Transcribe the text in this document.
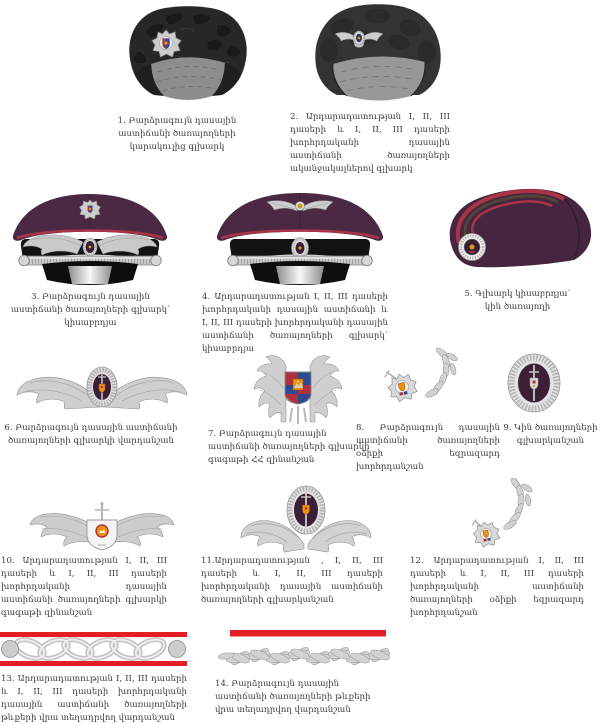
1. Բարձրագույն դասային աստիճանի ծառայողների կարակուլից գլխարկ
2. Արդարադատության I, II, III դասերի և I, II, III դասերի խորհրդականի դասային աստիճանի ծառայողների ականջակալներով գլխարկ
3. Բարձրագույն դասային աստիճանի ծառայողների գլխարկ՝ կիսաբրդյա
4. Արդարադատության I, II, III դասերի խորհրդականի դասային աստիճանի և I, II, III դասերի խորհրդականի դասային աստիճանի ծառայողների գլխարկ՝ կիսաբրդյա
5. Գլխարկ կիսաբրդյա՝ կին ծառայողի
6. Բարձրագույն դասային աստիճանի ծառայողների գլխարկի վարդանշան
7. Բարձրագույն դասային աստիճանի ծառայողների գլխարկի գագաթի ՀՀ զինանշան
8. Բարձրագույն դասային աստիճանի ծառայողների օձիքի եզրազարդ խորհրդանշան
9. Կին ծառայողների գլխարկանշան
10. Արդարադատության I, II, III դասերի և I, II, III դասերի խորհրդականի դասային աստիճանի ծառայողների գլխարկի գագաթի զինանշան
11.Արդարադատության , I, II, III դասերի և I, II, III դասերի խորհրդականի դասային աստիճանի ծառայողների գլխարկանշան
12. Արդարադատության I, II, III դասերի և I, II, III դասերի խորհրդականի աստիճանի ծառայողների օձիքի եզրազարդ խորհրդանշան
13. Արդարադատության I, II, III դասերի և I, II, III դասերի խորհրդականի դասային աստիճանի ծառայողների թևքերի վրա տեղադրվող վարդանշան
14. Բարձրագույն դասային աստիճանի ծառայողների թևքերի վրա տեղադրվող վարդանշան
